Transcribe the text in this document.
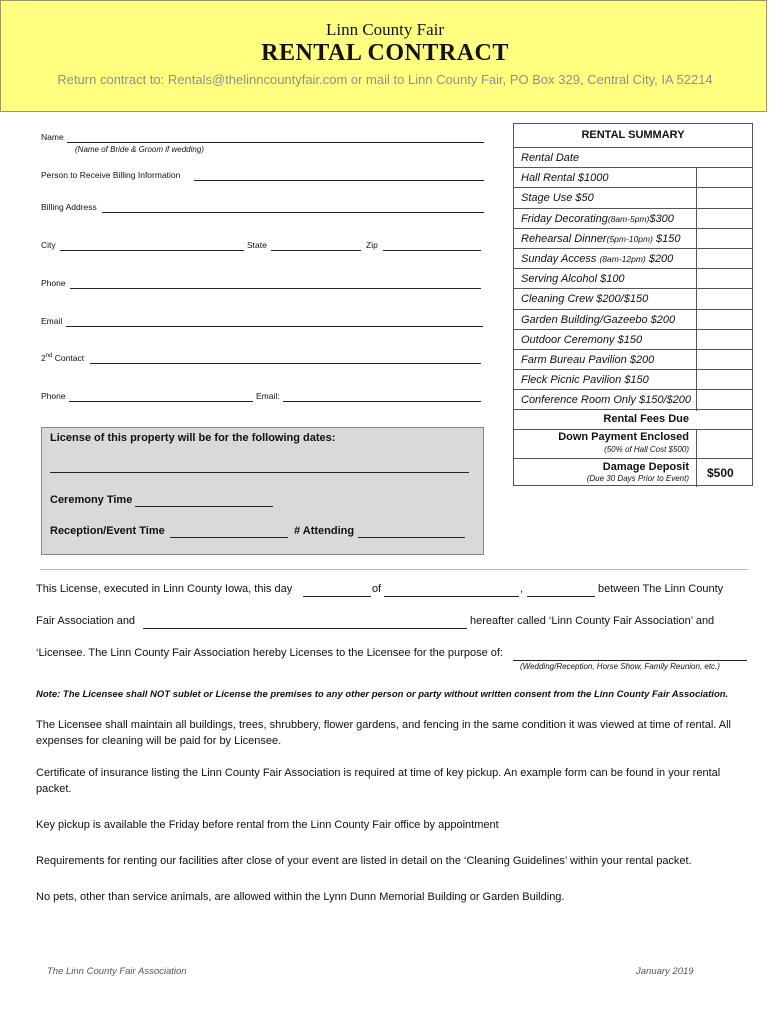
Linn County Fair
RENTAL CONTRACT
Return contract to: Rentals@thelinncountyfair.com or mail to Linn County Fair, PO Box 329, Central City, IA 52214
Name
(Name of Bride & Groom if wedding)
Person to Receive Billing Information
Billing Address
City	State	Zip
Phone
Email
2nd Contact
Phone	Email:
RENTAL SUMMARY
Rental Date
Hall Rental $1000
Stage Use $50
Friday Decorating(8am-5pm)$300
Rehearsal Dinner(5pm-10pm) $150
Sunday Access (8am-12pm) $200
Serving Alcohol $100
Cleaning Crew $200/$150
Garden Building/Gazeebo $200
Outdoor Ceremony $150
Farm Bureau Pavilion $200
Fleck Picnic Pavilion $150
Conference Room Only $150/$200
Rental Fees Due
Down Payment Enclosed
(50% of Hall Cost $500)
Damage Deposit
(Due 30 Days Prior to Event) $500
License of this property will be for the following dates:
Ceremony Time
Reception/Event Time	# Attending
This License, executed in Linn County Iowa, this day	of	,	between The Linn County
Fair Association and	hereafter called ‘Linn County Fair Association’ and
‘Licensee. The Linn County Fair Association hereby Licenses to the Licensee for the purpose of:
(Wedding/Reception, Horse Show, Family Reunion, etc.)
Note: The Licensee shall NOT sublet or License the premises to any other person or party without written consent from the Linn County Fair Association.
The Licensee shall maintain all buildings, trees, shrubbery, flower gardens, and fencing in the same condition it was viewed at time of rental. All expenses for cleaning will be paid for by Licensee.
Certificate of insurance listing the Linn County Fair Association is required at time of key pickup. An example form can be found in your rental packet.
Key pickup is available the Friday before rental from the Linn County Fair office by appointment
Requirements for renting our facilities after close of your event are listed in detail on the ‘Cleaning Guidelines’ within your rental packet.
No pets, other than service animals, are allowed within the Lynn Dunn Memorial Building or Garden Building.
The Linn County Fair Association	January 2019
